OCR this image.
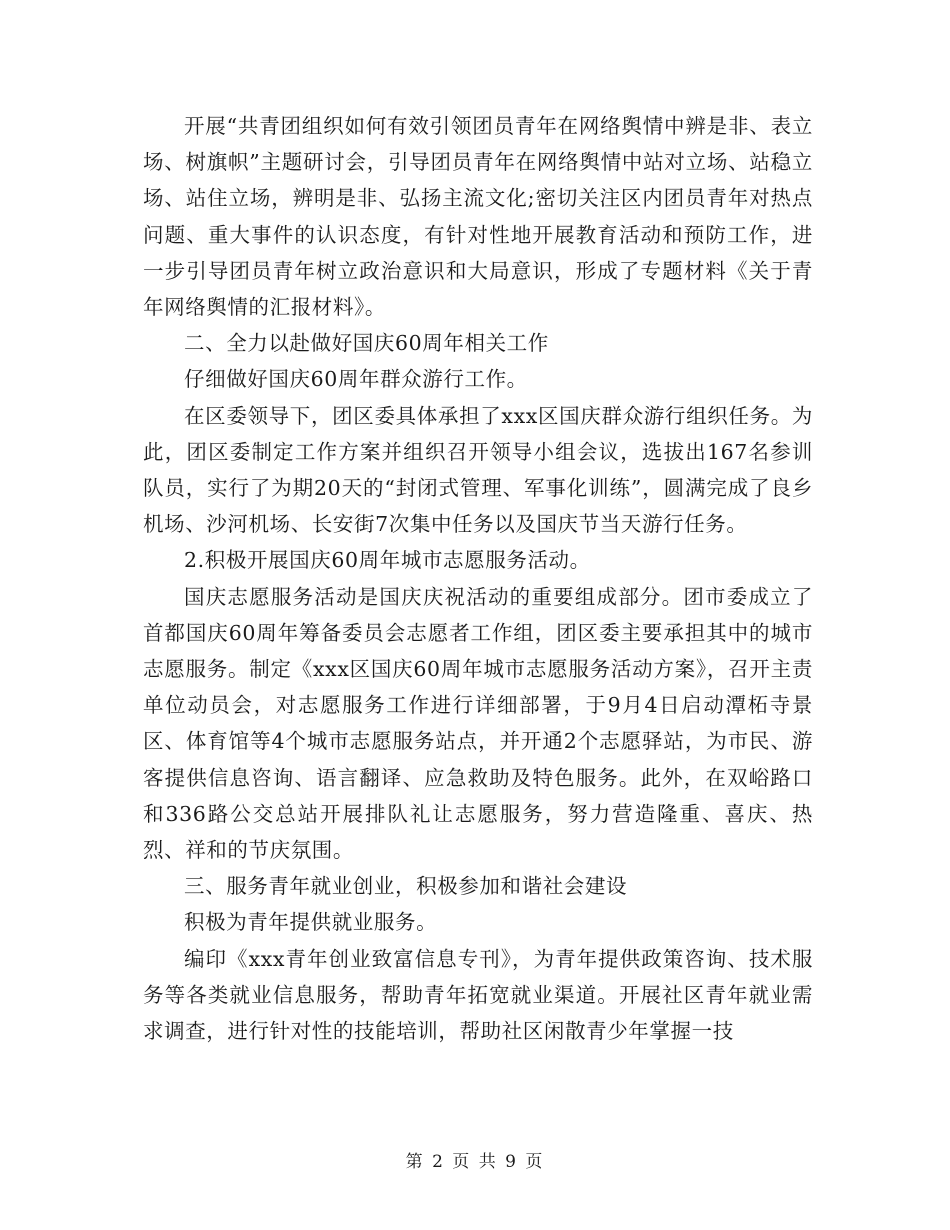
开展“共青团组织如何有效引领团员青年在网络舆情中辨是非、表立场、树旗帜”主题研讨会，引导团员青年在网络舆情中站对立场、站稳立场、站住立场，辨明是非、弘扬主流文化;密切关注区内团员青年对热点问题、重大事件的认识态度，有针对性地开展教育活动和预防工作，进一步引导团员青年树立政治意识和大局意识，形成了专题材料《关于青年网络舆情的汇报材料》。

二、全力以赴做好国庆60周年相关工作

仔细做好国庆60周年群众游行工作。

在区委领导下，团区委具体承担了xxx区国庆群众游行组织任务。为此，团区委制定工作方案并组织召开领导小组会议，选拔出167名参训队员，实行了为期20天的“封闭式管理、军事化训练”，圆满完成了良乡机场、沙河机场、长安街7次集中任务以及国庆节当天游行任务。

2.积极开展国庆60周年城市志愿服务活动。

国庆志愿服务活动是国庆庆祝活动的重要组成部分。团市委成立了首都国庆60周年筹备委员会志愿者工作组，团区委主要承担其中的城市志愿服务。制定《xxx区国庆60周年城市志愿服务活动方案》，召开主责单位动员会，对志愿服务工作进行详细部署，于9月4日启动潭柘寺景区、体育馆等4个城市志愿服务站点，并开通2个志愿驿站，为市民、游客提供信息咨询、语言翻译、应急救助及特色服务。此外，在双峪路口和336路公交总站开展排队礼让志愿服务，努力营造隆重、喜庆、热烈、祥和的节庆氛围。

三、服务青年就业创业，积极参加和谐社会建设

积极为青年提供就业服务。

编印《xxx青年创业致富信息专刊》，为青年提供政策咨询、技术服务等各类就业信息服务，帮助青年拓宽就业渠道。开展社区青年就业需求调查，进行针对性的技能培训，帮助社区闲散青少年掌握一技

第 2 页 共 9 页
